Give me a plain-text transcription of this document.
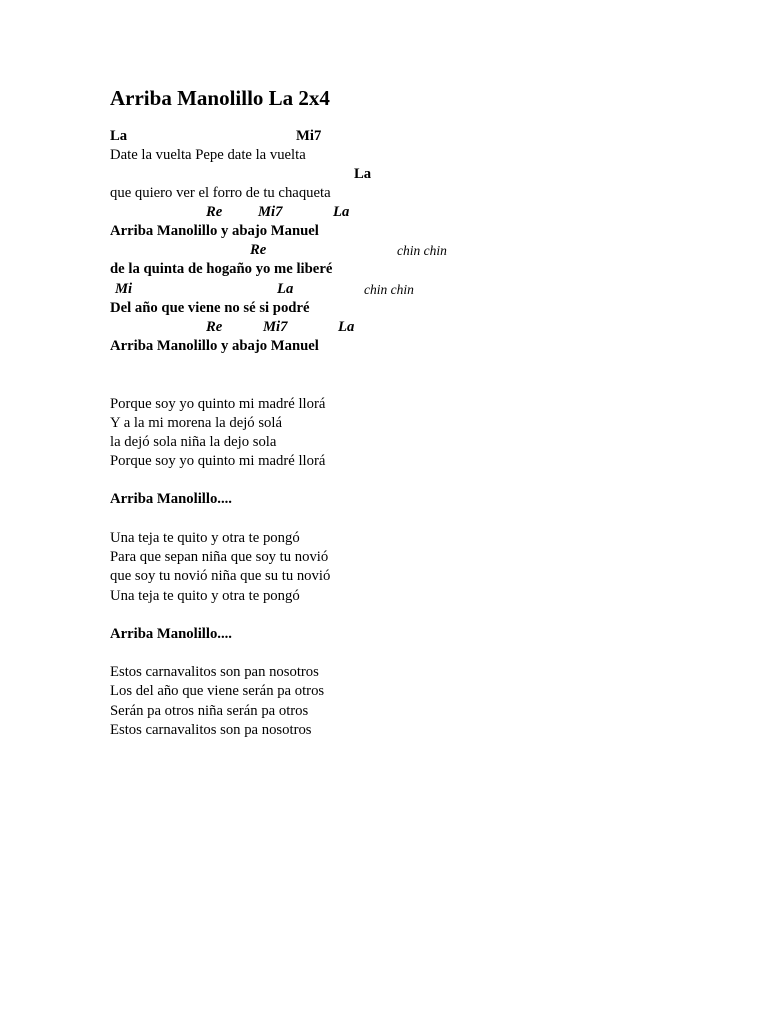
Arriba Manolillo La 2x4
La	Mi7
Date la vuelta Pepe date la vuelta
La
que quiero ver el forro de tu chaqueta
Re Mi7	La
Arriba Manolillo y abajo Manuel
Re	chin chin
de la quinta de hogaño yo me liberé
Mi	La	chin chin
Del año que viene no sé si podré
Re	Mi7	La
Arriba Manolillo y abajo Manuel
Porque soy yo quinto mi madré llorá
Y a la mi morena la dejó solá
la dejó sola niña la dejo sola
Porque soy yo quinto mi madré llorá
Arriba Manolillo....
Una teja te quito y otra te pongó
Para que sepan niña que soy tu novió
que soy tu novió niña que su tu novió
Una teja te quito y otra te pongó
Arriba Manolillo....
Estos carnavalitos son pan nosotros
Los del año que viene serán pa otros
Serán pa otros niña serán pa otros
Estos carnavalitos son pa nosotros
